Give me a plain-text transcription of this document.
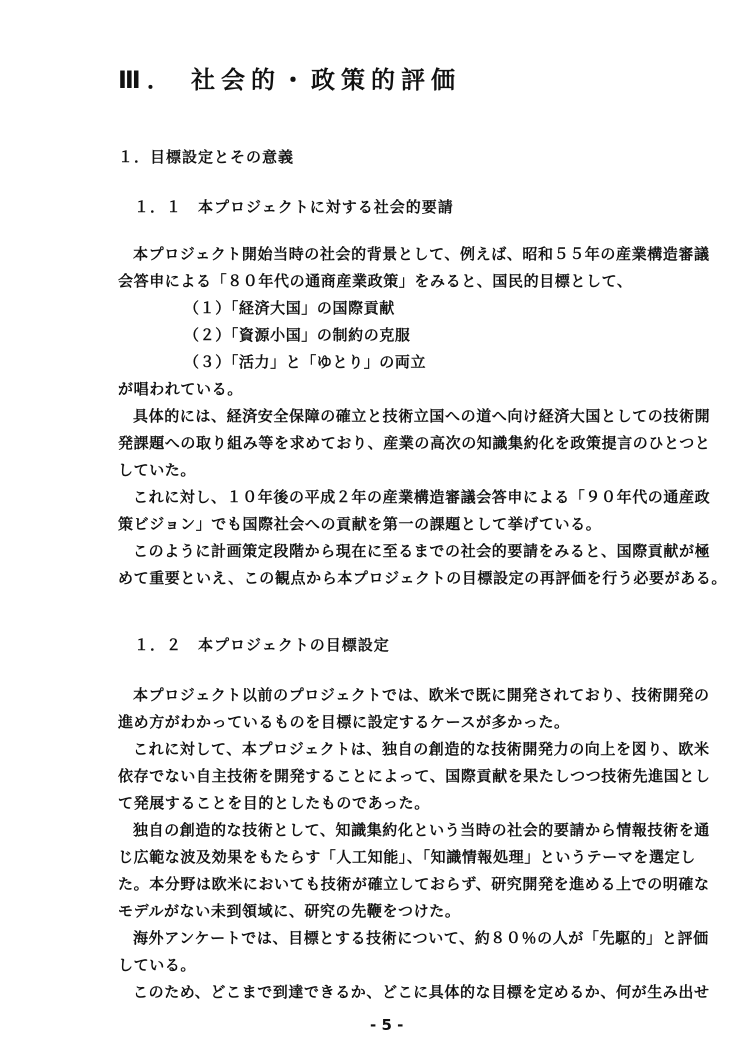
Ⅲ． 社会的・政策的評価
１．目標設定とその意義
１．１　本プロジェクトに対する社会的要請
本プロジェクト開始当時の社会的背景として、例えば、昭和５５年の産業構造審議
会答申による「８０年代の通商産業政策」をみると、国民的目標として、
（１）「経済大国」の国際貢献
（２）「資源小国」の制約の克服
（３）「活力」と「ゆとり」の両立
が唱われている。
具体的には、経済安全保障の確立と技術立国への道へ向け経済大国としての技術開
発課題への取り組み等を求めており、産業の高次の知識集約化を政策提言のひとつと
していた。
これに対し、１０年後の平成２年の産業構造審議会答申による「９０年代の通産政
策ビジョン」でも国際社会への貢献を第一の課題として挙げている。
このように計画策定段階から現在に至るまでの社会的要請をみると、国際貢献が極
めて重要といえ、この観点から本プロジェクトの目標設定の再評価を行う必要がある。
１．２　本プロジェクトの目標設定
本プロジェクト以前のプロジェクトでは、欧米で既に開発されており、技術開発の
進め方がわかっているものを目標に設定するケースが多かった。
これに対して、本プロジェクトは、独自の創造的な技術開発力の向上を図り、欧米
依存でない自主技術を開発することによって、国際貢献を果たしつつ技術先進国とし
て発展することを目的としたものであった。
独自の創造的な技術として、知識集約化という当時の社会的要請から情報技術を通
じ広範な波及効果をもたらす「人工知能」、「知識情報処理」というテーマを選定し
た。本分野は欧米においても技術が確立しておらず、研究開発を進める上での明確な
モデルがない未到領域に、研究の先鞭をつけた。
海外アンケートでは、目標とする技術について、約８０％の人が「先駆的」と評価
している。
このため、どこまで到達できるか、どこに具体的な目標を定めるか、何が生み出せ
- 5 -
